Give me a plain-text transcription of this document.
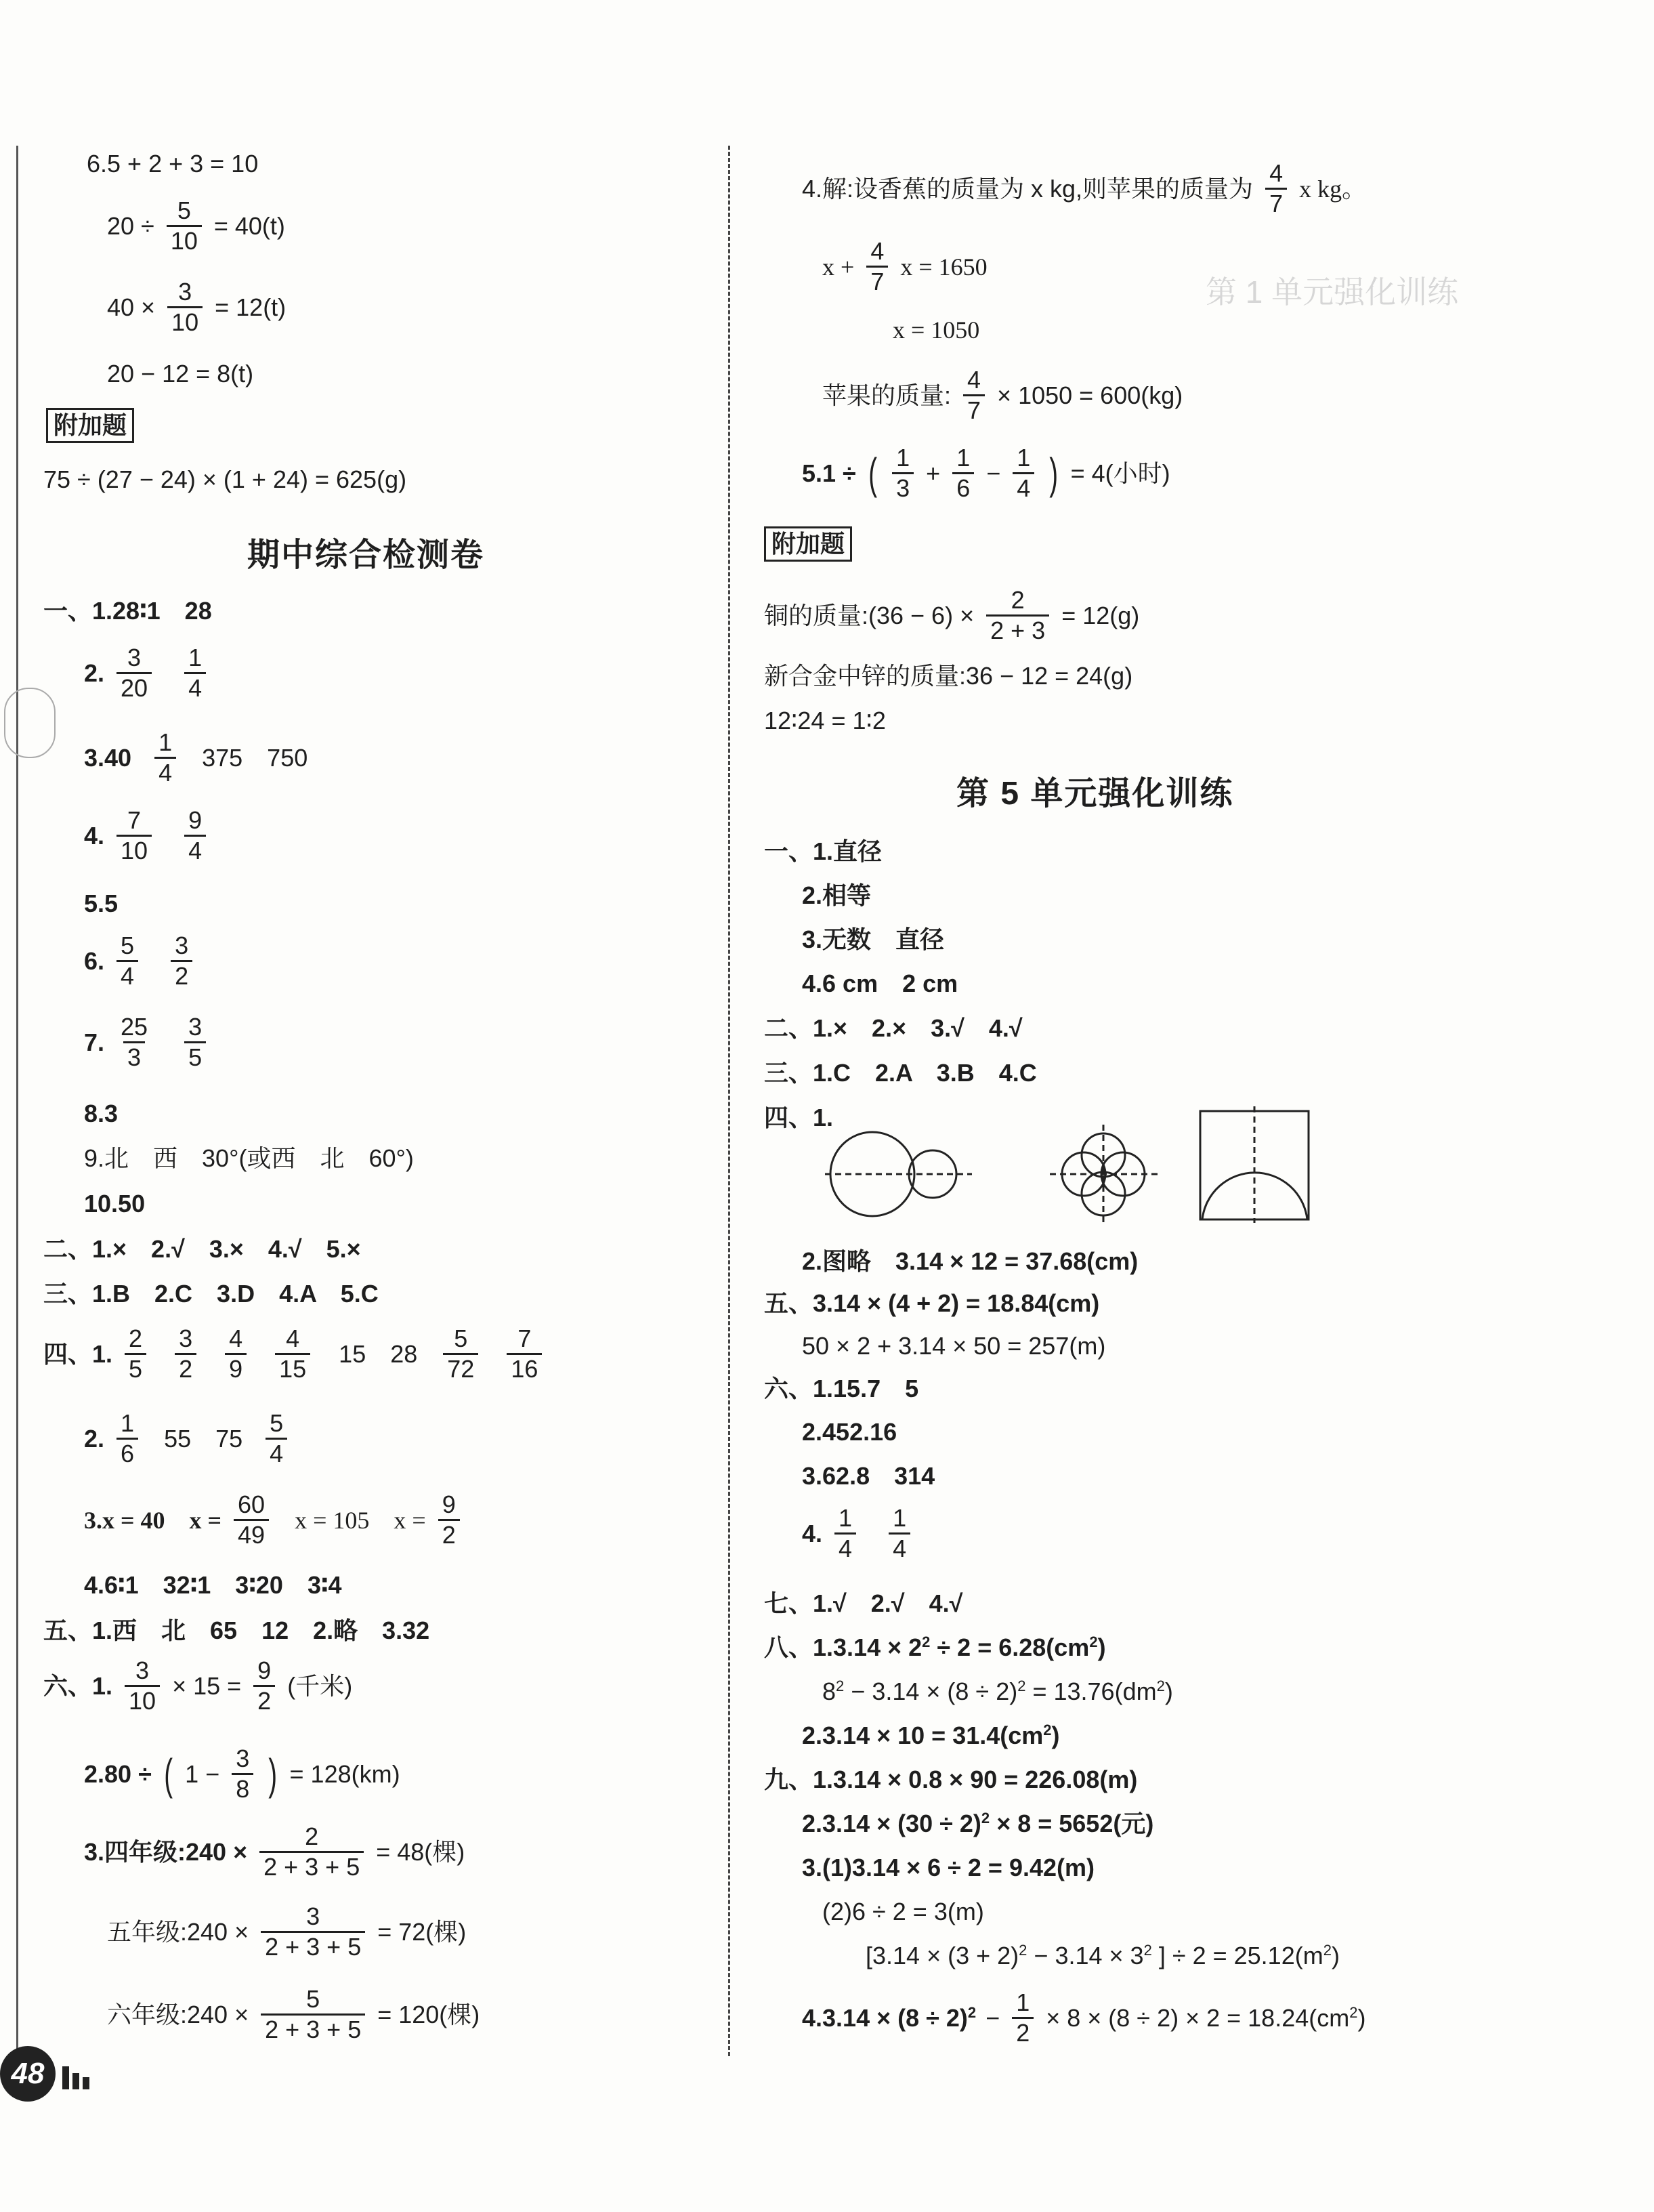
第 1 单元强化训练
6.5 + 2 + 3 = 10
$20 \div \frac{5}{10} = 40(t)$
$40 \times \frac{3}{10} = 12(t)$
20 − 12 = 8(t)
附加题
75 ÷ (27 − 24) × (1 + 24) = 625(g)
期中综合检测卷
一、1.28∶1　28
2. $\frac{3}{20} \frac{1}{4}$
$3.40 \frac{1}{4} 375$　750
4. $\frac{7}{10} \frac{9}{4}$
5.5
6. $\frac{5}{4} \frac{3}{2}$
7. $\frac{25}{3} \frac{3}{5}$
8.3
9.北　西　30°(或西　北　60°)
10.50
二、1.×　2.√　3.×　4.√　5.×
三、1.B　2.C　3.D　4.A　5.C
四、1. $\frac{2}{5} \frac{3}{2} \frac{4}{9} \frac{4}{15} 15$　$28 \frac{5}{72} \frac{7}{16}$
2. $\frac{1}{6} 55$　$75 \frac{5}{4}$
3.x = 40　$x = \frac{60}{49}$ x = 105　$x = \frac{9}{2}$
4.6∶1　32∶1　3∶20　3∶4
五、1.西　北　65　12　2.略　3.32
六、1. $\frac{3}{10} \times 15 = \frac{9}{2}$ (千米)
2.80 ÷ ( $1 - \frac{3}{8}$ ) = 128(km)
3.四年级:240 × $\frac{2}{2 + 3 + 5} = 48$(棵)
五年级:240 × $\frac{3}{2 + 3 + 5} = 72$(棵)
六年级:240 × $\frac{5}{2 + 3 + 5} = 120$(棵)
4.解:设香蕉的质量为 x kg,则苹果的质量为 $\frac{4}{7}$ x kg。
$x + \frac{4}{7}$ x = 1650
x = 1050
苹果的质量: $\frac{4}{7} \times 1050 = 600(kg)$
5.1 ÷ ( $\frac{1}{3} + \frac{1}{6} - \frac{1}{4}$ ) = 4(小时)
附加题
铜的质量:(36 − $6) \times \frac{2}{2 + 3} = 12(g)$
新合金中锌的质量:36 − 12 = 24(g)
12∶24 = 1∶2
第 5 单元强化训练
一、1.直径
2.相等
3.无数　直径
4.6 cm　2 cm
二、1.×　2.×　3.√　4.√
三、1.C　2.A　3.B　4.C
四、1.
2.图略　3.14 × 12 = 37.68(cm)
五、3.14 × (4 + 2) = 18.84(cm)
50 × 2 + 3.14 × 50 = 257(m)
六、1.15.7　5
2.452.16
3.62.8　314
4. $\frac{1}{4} \frac{1}{4}$
七、1.√　2.√　4.√
八、$1.3.14 \times 2^2 \div 2 = 6.28(cm^2)$
$8^2 - 3.14 \times (8 \div 2)^2 = 13.76(dm^2)$
$2.3.14 \times 10 = 31.4(cm^2)$
九、1.3.14 × 0.8 × 90 = 226.08(m)
$2.3.14 \times (30 \div 2)^2 \times 8 = 5652$(元)
3.(1)3.14 × 6 ÷ 2 = 9.42(m)
(2)6 ÷ 2 = 3(m)
[$3.14 \times (3 + 2)^2 - 3.14 \times 3^2$ ] ÷ $2 = 25.12(m^2)$
$4.3.14 \times (8 \div 2)^2 - \frac{1}{2} \times 8 \times (8 \div 2) \times 2 = 18.24(cm^2)$
48
